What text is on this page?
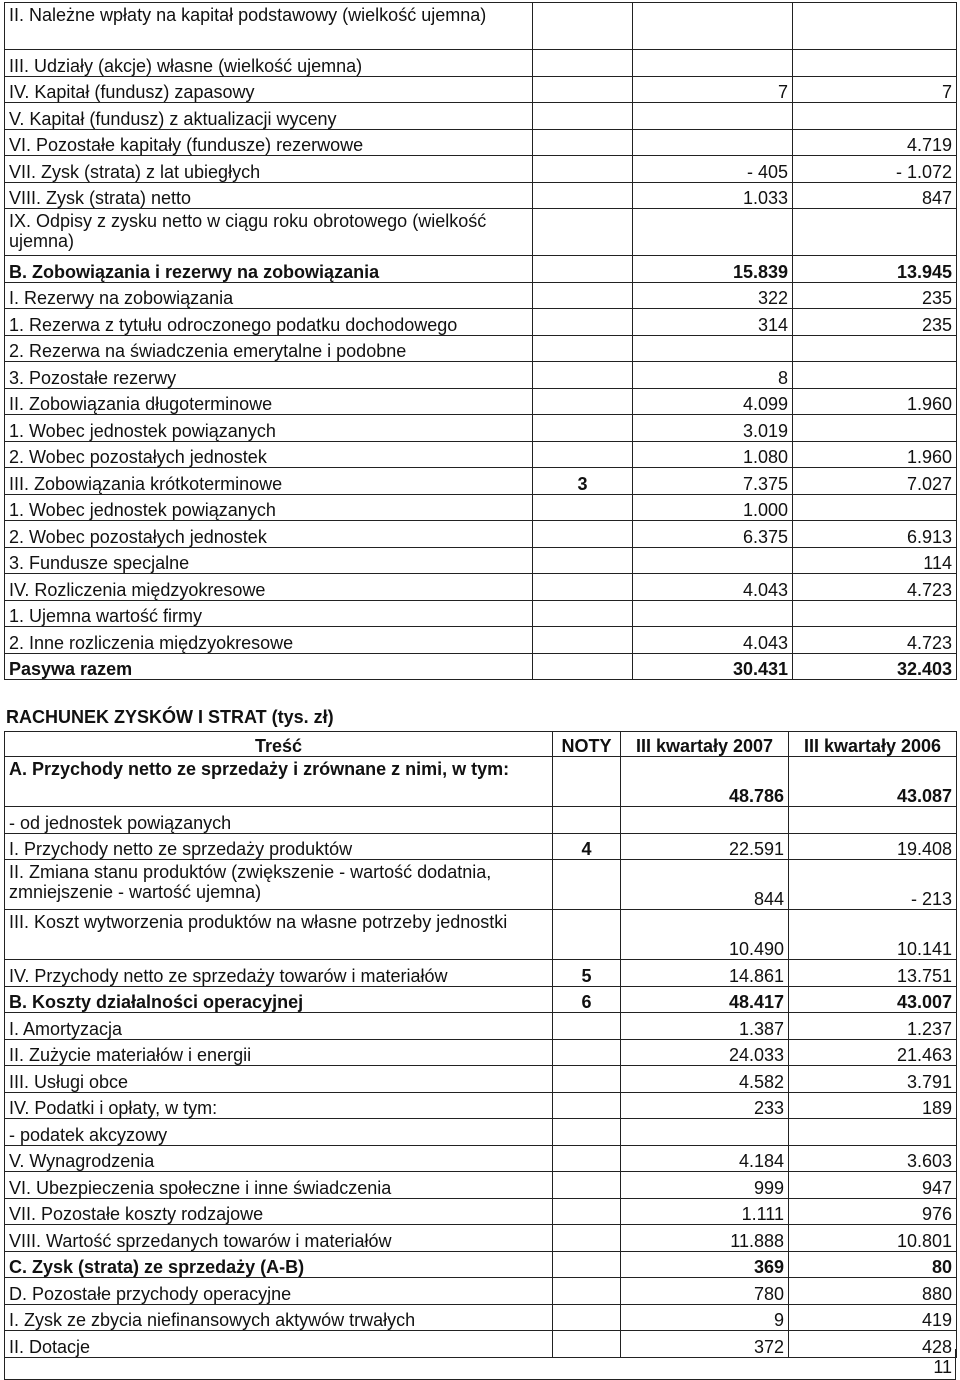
II. Należne wpłaty na kapitał podstawowy (wielkość ujemna)			
III. Udziały (akcje) własne (wielkość ujemna)			
IV. Kapitał (fundusz) zapasowy		7	7
V. Kapitał (fundusz) z aktualizacji wyceny			
VI. Pozostałe kapitały (fundusze) rezerwowe			4.719
VII. Zysk (strata) z lat ubiegłych		- 405	- 1.072
VIII. Zysk (strata) netto		1.033	847
IX. Odpisy z zysku netto w ciągu roku obrotowego (wielkość ujemna)			
B. Zobowiązania i rezerwy na zobowiązania		15.839	13.945
I. Rezerwy na zobowiązania		322	235
1. Rezerwa z tytułu odroczonego podatku dochodowego		314	235
2. Rezerwa na świadczenia emerytalne i podobne			
3. Pozostałe rezerwy		8	
II. Zobowiązania długoterminowe		4.099	1.960
1. Wobec jednostek powiązanych		3.019	
2. Wobec pozostałych jednostek		1.080	1.960
III. Zobowiązania krótkoterminowe	3	7.375	7.027
1. Wobec jednostek powiązanych		1.000	
2. Wobec pozostałych jednostek		6.375	6.913
3. Fundusze specjalne			114
IV. Rozliczenia międzyokresowe		4.043	4.723
1. Ujemna wartość firmy			
2. Inne rozliczenia międzyokresowe		4.043	4.723
Pasywa razem		30.431	32.403
RACHUNEK ZYSKÓW I STRAT (tys. zł)
Treść	NOTY	III kwartały 2007	III kwartały 2006
A. Przychody netto ze sprzedaży i zrównane z nimi, w tym:		48.786	43.087
- od jednostek powiązanych			
I. Przychody netto ze sprzedaży produktów	4	22.591	19.408
II. Zmiana stanu produktów (zwiększenie - wartość dodatnia, zmniejszenie - wartość ujemna)		844	- 213
III. Koszt wytworzenia produktów na własne potrzeby jednostki		10.490	10.141
IV. Przychody netto ze sprzedaży towarów i materiałów	5	14.861	13.751
B. Koszty działalności operacyjnej	6	48.417	43.007
I. Amortyzacja		1.387	1.237
II. Zużycie materiałów i energii		24.033	21.463
III. Usługi obce		4.582	3.791
IV. Podatki i opłaty, w tym:		233	189
- podatek akcyzowy			
V. Wynagrodzenia		4.184	3.603
VI. Ubezpieczenia społeczne i inne świadczenia		999	947
VII. Pozostałe koszty rodzajowe		1.111	976
VIII. Wartość sprzedanych towarów i materiałów		11.888	10.801
C. Zysk (strata) ze sprzedaży (A-B)		369	80
D. Pozostałe przychody operacyjne		780	880
I. Zysk ze zbycia niefinansowych aktywów trwałych		9	419
II. Dotacje		372	428
11
